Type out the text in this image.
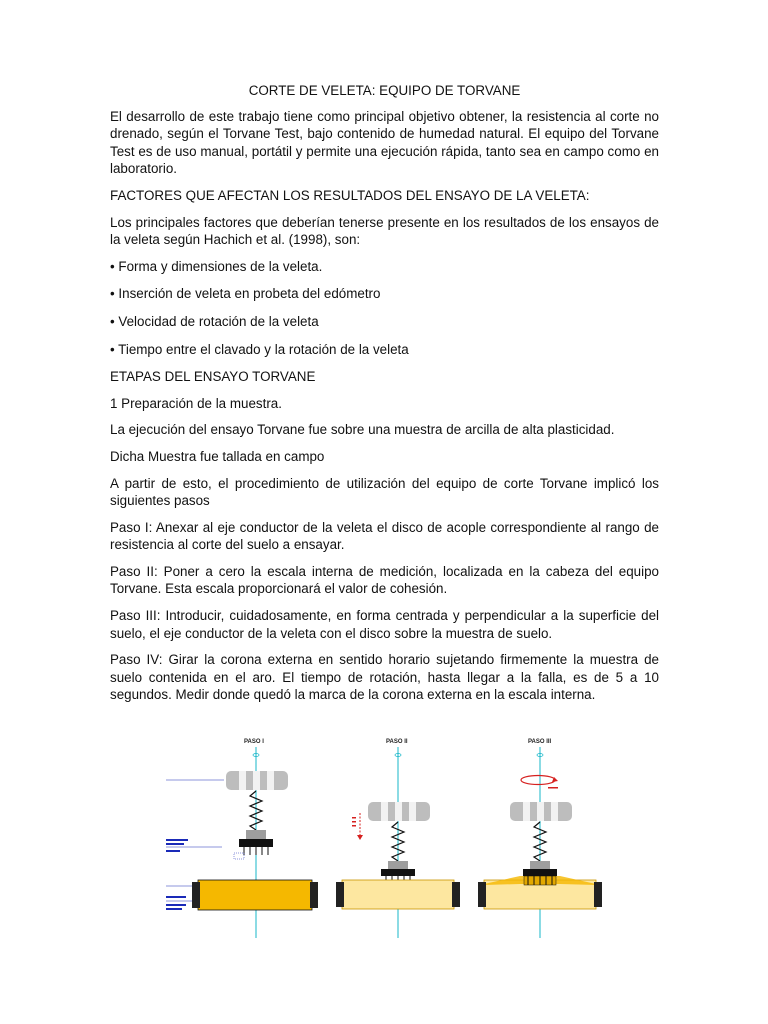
CORTE DE VELETA: EQUIPO DE TORVANE

El desarrollo de este trabajo tiene como principal objetivo obtener, la resistencia al corte no drenado, según el Torvane Test, bajo contenido de humedad natural. El equipo del Torvane Test es de uso manual, portátil y permite una ejecución rápida, tanto sea en campo como en laboratorio.

FACTORES QUE AFECTAN LOS RESULTADOS DEL ENSAYO DE LA VELETA:

Los principales factores que deberían tenerse presente en los resultados de los ensayos de la veleta según Hachich et al. (1998), son:

• Forma y dimensiones de la veleta.

• Inserción de veleta en probeta del edómetro

• Velocidad de rotación de la veleta

• Tiempo entre el clavado y la rotación de la veleta

ETAPAS DEL ENSAYO TORVANE

1 Preparación de la muestra.

La ejecución del ensayo Torvane fue sobre una muestra de arcilla de alta plasticidad.

Dicha Muestra fue tallada en campo

A partir de esto, el procedimiento de utilización del equipo de corte Torvane implicó los siguientes pasos

Paso I: Anexar al eje conductor de la veleta el disco de acople correspondiente al rango de resistencia al corte del suelo a ensayar.

Paso II: Poner a cero la escala interna de medición, localizada en la cabeza del equipo Torvane. Esta escala proporcionará el valor de cohesión.

Paso III: Introducir, cuidadosamente, en forma centrada y perpendicular a la superficie del suelo, el eje conductor de la veleta con el disco sobre la muestra de suelo.

Paso IV: Girar la corona externa en sentido horario sujetando firmemente la muestra de suelo contenida en el aro. El tiempo de rotación, hasta llegar a la falla, es de 5 a 10 segundos. Medir donde quedó la marca de la corona externa en la escala interna.

PASO I	PASO II	PASO III
